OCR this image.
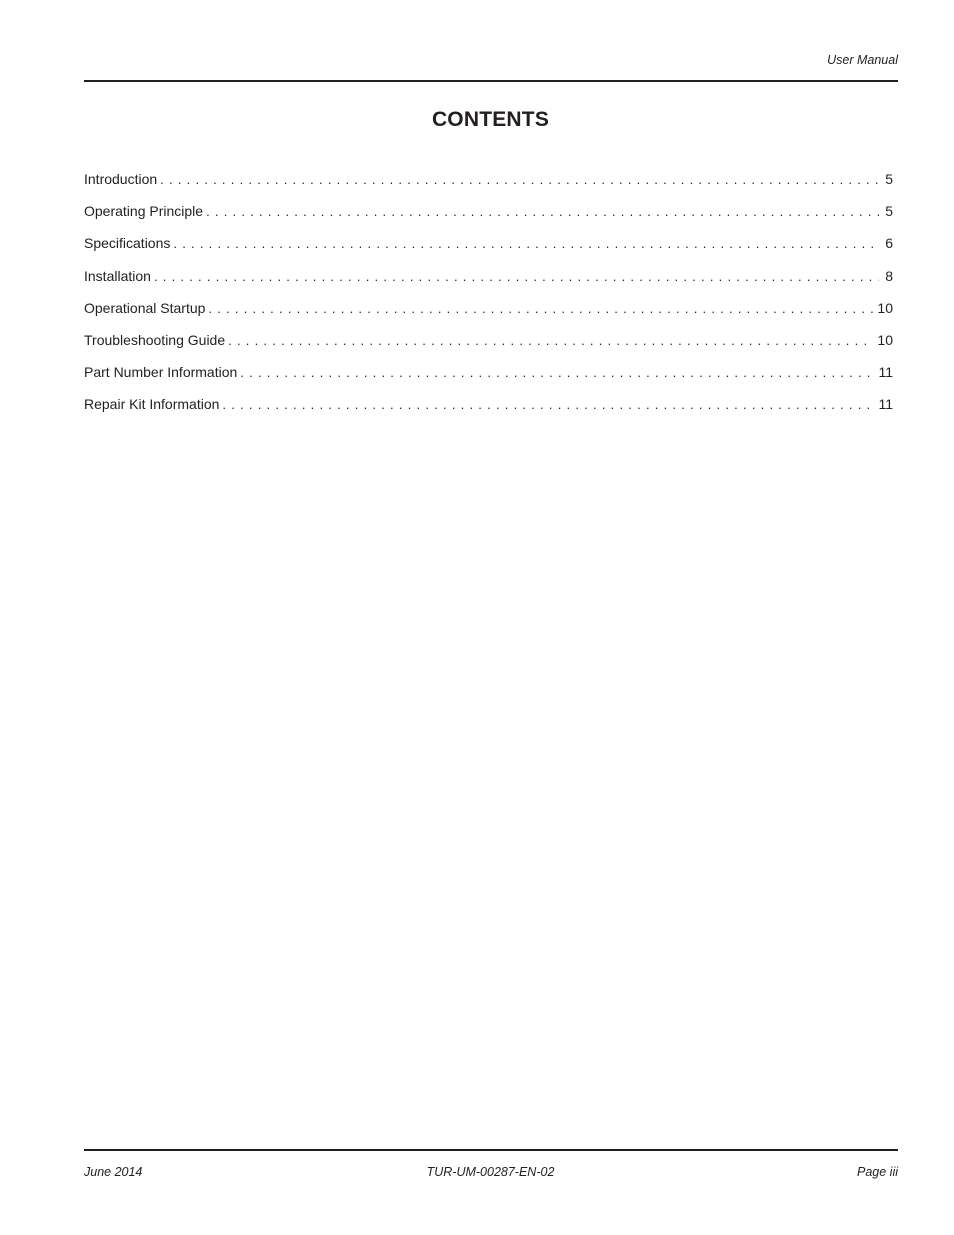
User Manual
CONTENTS
Introduction . . .	5
Operating Principle . . .	5
Specifications . . .	6
Installation . . .	8
Operational Startup . . .	10
Troubleshooting Guide . . .	10
Part Number Information . . .	11
Repair Kit Information . . .	11
June 2014	TUR-UM-00287-EN-02	Page iii
